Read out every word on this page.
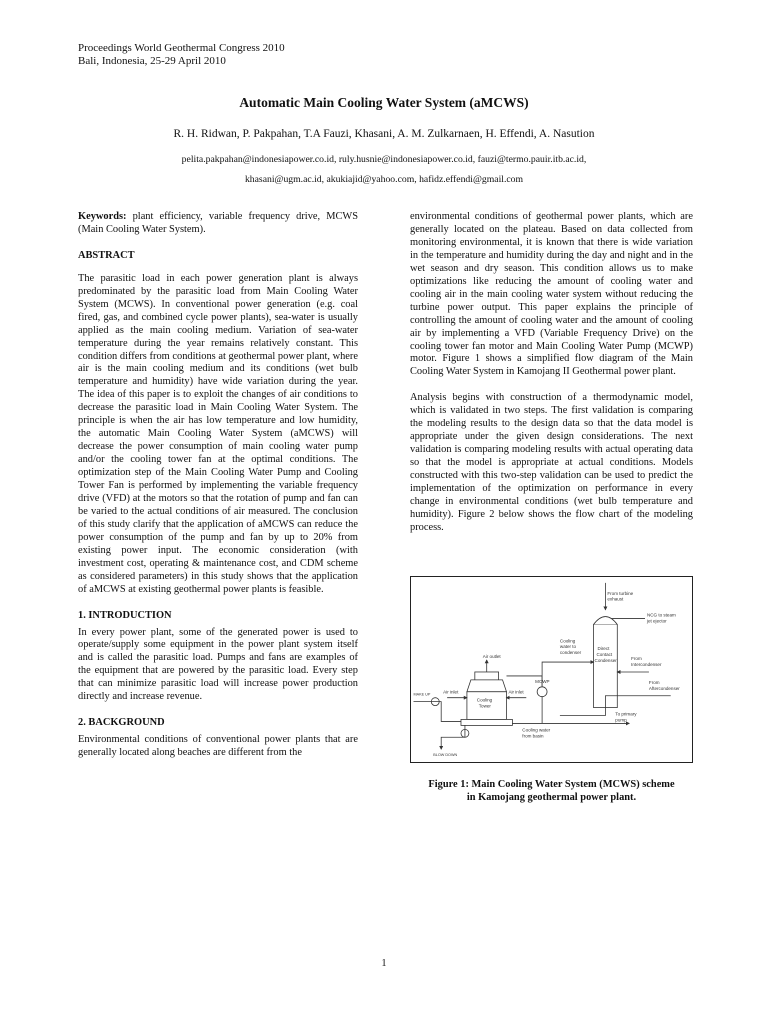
Proceedings World Geothermal Congress 2010
Bali, Indonesia, 25-29 April 2010
Automatic Main Cooling Water System (aMCWS)
R. H. Ridwan, P. Pakpahan, T.A Fauzi, Khasani, A. M. Zulkarnaen, H. Effendi, A. Nasution
pelita.pakpahan@indonesiapower.co.id, ruly.husnie@indonesiapower.co.id, fauzi@termo.pauir.itb.ac.id,
khasani@ugm.ac.id, akukiajid@yahoo.com, hafidz.effendi@gmail.com

Keywords: plant efficiency, variable frequency drive, MCWS (Main Cooling Water System).

ABSTRACT

The parasitic load in each power generation plant is always predominated by the parasitic load from Main Cooling Water System (MCWS). In conventional power generation (e.g. coal fired, gas, and combined cycle power plants), sea-water is usually applied as the main cooling medium. Variation of sea-water temperature during the year remains relatively constant. This condition differs from conditions at geothermal power plant, where air is the main cooling medium and its conditions (wet bulb temperature and humidity) have wide variation during the year. The idea of this paper is to exploit the changes of air conditions to decrease the parasitic load in Main Cooling Water System. The principle is when the air has low temperature and low humidity, the automatic Main Cooling Water System (aMCWS) will decrease the power consumption of main cooling water pump and/or the cooling tower fan at the optimal conditions. The optimization step of the Main Cooling Water Pump and Cooling Tower Fan is performed by implementing the variable frequency drive (VFD) at the motors so that the rotation of pump and fan can be varied to the actual conditions of air measured. The conclusion of this study clarify that the application of aMCWS can reduce the power consumption of the pump and fan by up to 20% from existing power input. The economic consideration (with investment cost, operating & maintenance cost, and CDM scheme as considered parameters) in this study shows that the application of aMCWS at existing geothermal power plants is feasible.

1. INTRODUCTION

In every power plant, some of the generated power is used to operate/supply some equipment in the power plant system itself and is called the parasitic load. Pumps and fans are examples of the equipment that are powered by the parasitic load. Every step that can minimize parasitic load will increase power production directly and increase revenue.

2. BACKGROUND

Environmental conditions of conventional power plants that are generally located along beaches are different from the

environmental conditions of geothermal power plants, which are generally located on the plateau. Based on data collected from monitoring environmental, it is known that there is wide variation in the temperature and humidity during the day and night and in the wet season and dry season. This condition allows us to make optimizations like reducing the amount of cooling water and cooling air in the main cooling water system without reducing the turbine power output. This paper explains the principle of controlling the amount of cooling water and the amount of cooling air by implementing a VFD (Variable Frequency Drive) on the cooling tower fan motor and Main Cooling Water Pump (MCWP) motor. Figure 1 shows a simplified flow diagram of the Main Cooling Water System in Kamojang II Geothermal power plant.

Analysis begins with construction of a thermodynamic model, which is validated in two steps. The first validation is comparing the modeling results to the design data so that the data model is appropriate under the given design considerations. The next validation is comparing modeling results with actual operating data so that the model is appropriate at actual conditions. Models constructed with this two-step validation can be used to predict the implementation of the optimization on performance in every change in environmental conditions (wet bulb temperature and humidity). Figure 2 below shows the flow chart of the modeling process.

From turbine
exhaust
NCG to steam
jet ejector
Direct
Contact
Condenser
Cooling
water to
condenser
From
Intercondenser
From
Aftercondenser
MCWP
Cooling
Tower
Air outlet
Air inlet	Air inlet
MAKE UP
To primary
pump
Cooling water
from basin
BLOW DOWN
Figure 1: Main Cooling Water System (MCWS) scheme
in Kamojang geothermal power plant.
1
